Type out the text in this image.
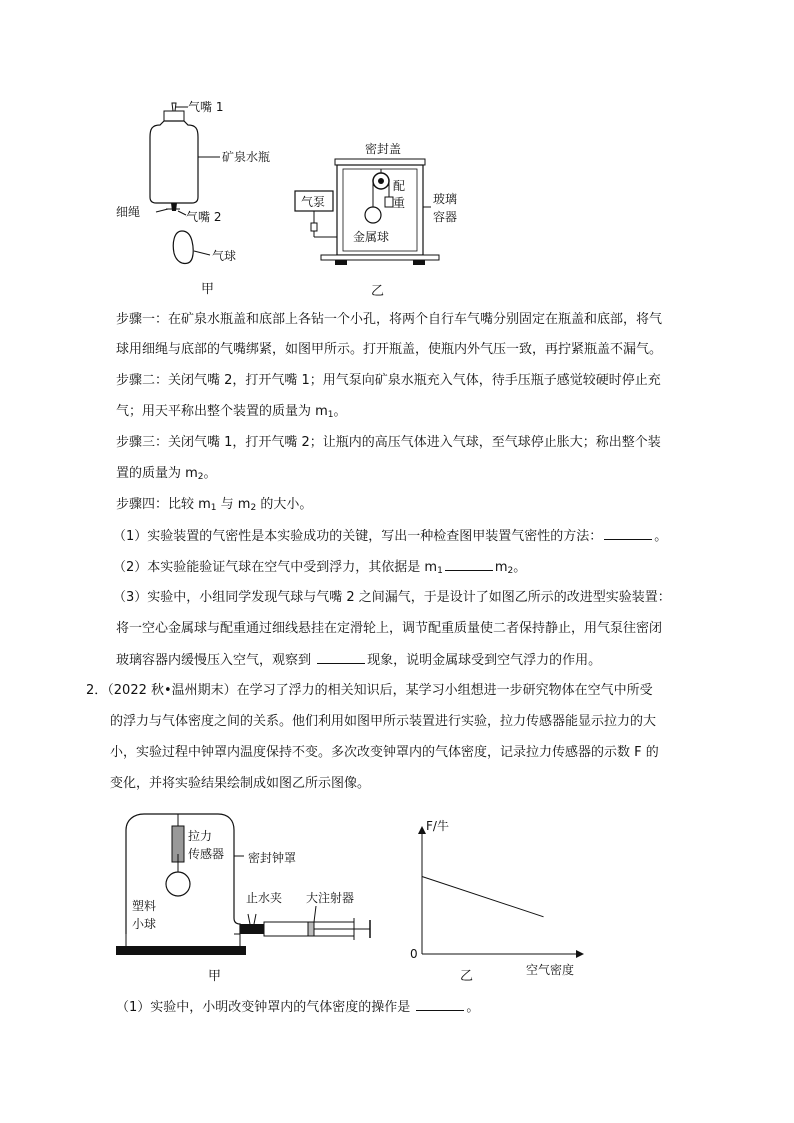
气嘴 1
矿泉水瓶
细绳	气嘴 2
气球
甲
密封盖
配
重
金属球
玻璃
容器
气泵
乙
步骤一：在矿泉水瓶盖和底部上各钻一个小孔，将两个自行车气嘴分别固定在瓶盖和底部，将气
球用细绳与底部的气嘴绑紧，如图甲所示。打开瓶盖，使瓶内外气压一致，再拧紧瓶盖不漏气。
步骤二：关闭气嘴 2，打开气嘴 1；用气泵向矿泉水瓶充入气体，待手压瓶子感觉较硬时停止充
气；用天平称出整个装置的质量为 $m_1$。
步骤三：关闭气嘴 1，打开气嘴 2；让瓶内的高压气体进入气球，至气球停止胀大；称出整个装
置的质量为 $m_2$。
步骤四：比较 $m_1$ 与 $m_2$ 的大小。
（1）实验装置的气密性是本实验成功的关键，写出一种检查图甲装置气密性的方法：	。
（2）本实验能验证气球在空气中受到浮力，其依据是 $m_1$	$m_2$。
（3）实验中，小组同学发现气球与气嘴 2 之间漏气，于是设计了如图乙所示的改进型实验装置：
将一空心金属球与配重通过细线悬挂在定滑轮上，调节配重质量使二者保持静止，用气泵往密闭
玻璃容器内缓慢压入空气，观察到	现象，说明金属球受到空气浮力的作用。
2．（2022 秋•温州期末）在学习了浮力的相关知识后，某学习小组想进一步研究物体在空气中所受
的浮力与气体密度之间的关系。他们利用如图甲所示装置进行实验，拉力传感器能显示拉力的大
小，实验过程中钟罩内温度保持不变。多次改变钟罩内的气体密度，记录拉力传感器的示数 F 的
变化，并将实验结果绘制成如图乙所示图像。
拉力
传感器
塑料
小球
密封钟罩
止水夹 大注射器
甲
F/牛
0
空气密度
乙
（1）实验中，小明改变钟罩内的气体密度的操作是	。
